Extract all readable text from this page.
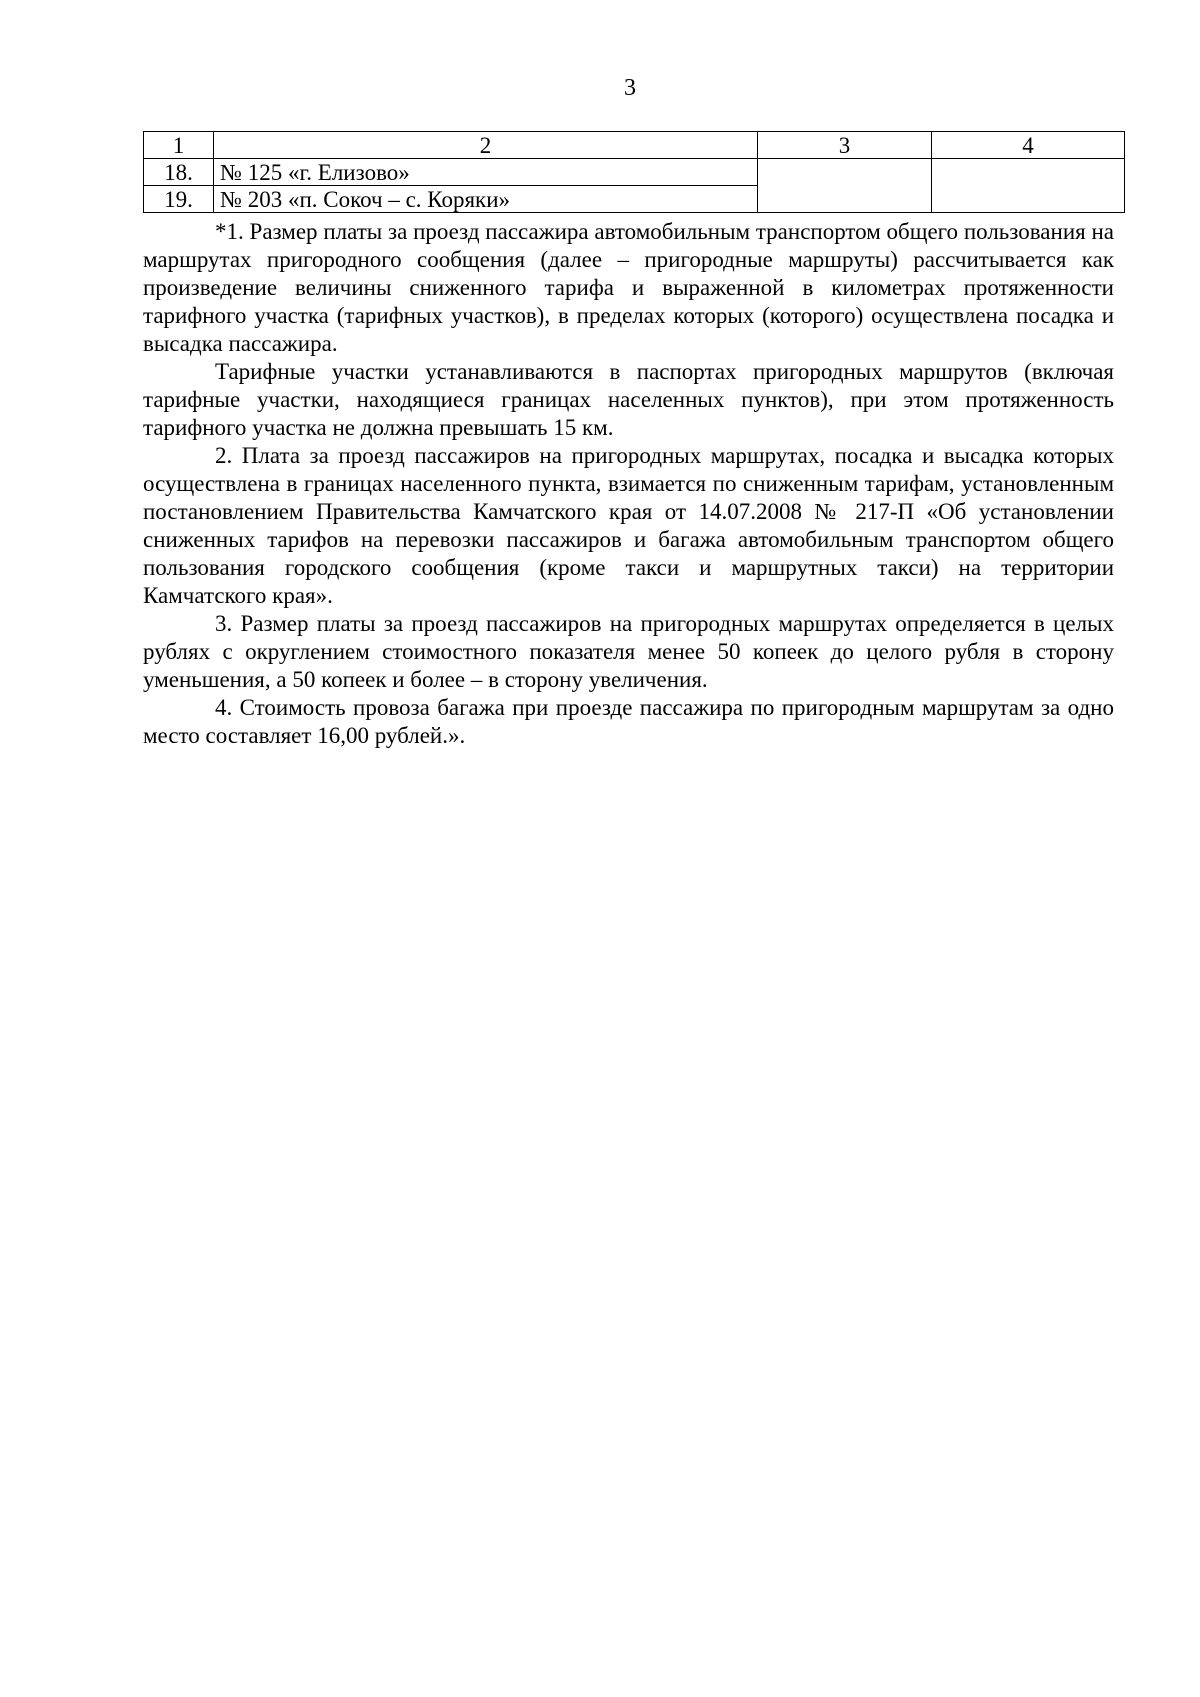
3
1	2	3	4
18.	№ 125 «г. Елизово»		
19.	№ 203 «п. Сокоч – с. Коряки»		

*1. Размер платы за проезд пассажира автомобильным транспортом общего пользования на маршрутах пригородного сообщения (далее – пригородные маршруты) рассчитывается как произведение величины сниженного тарифа и выраженной в километрах протяженности тарифного участка (тарифных участков), в пределах которых (которого) осуществлена посадка и высадка пассажира.

Тарифные участки устанавливаются в паспортах пригородных маршрутов (включая тарифные участки, находящиеся границах населенных пунктов), при этом протяженность тарифного участка не должна превышать 15 км.

2. Плата за проезд пассажиров на пригородных маршрутах, посадка и высадка которых осуществлена в границах населенного пункта, взимается по сниженным тарифам, установленным постановлением Правительства Камчатского края от 14.07.2008 № 217-П «Об установлении сниженных тарифов на перевозки пассажиров и багажа автомобильным транспортом общего пользования городского сообщения (кроме такси и маршрутных такси) на территории Камчатского края».

3. Размер платы за проезд пассажиров на пригородных маршрутах определяется в целых рублях с округлением стоимостного показателя менее 50 копеек до целого рубля в сторону уменьшения, а 50 копеек и более – в сторону увеличения.

4. Стоимость провоза багажа при проезде пассажира по пригородным маршрутам за одно место составляет 16,00 рублей.».
